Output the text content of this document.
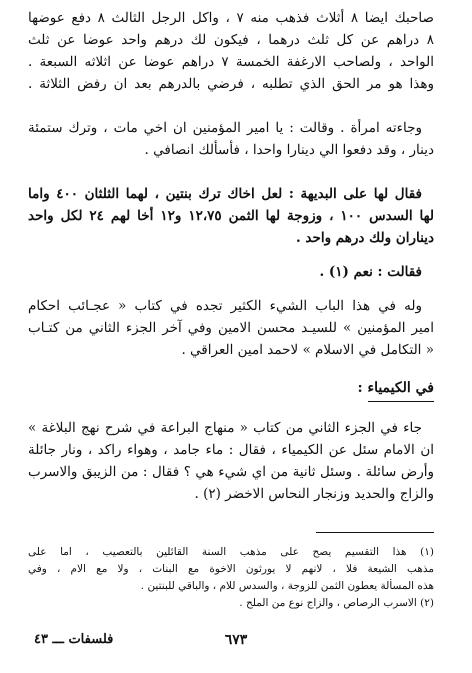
صاحبك ايضا ٨ أثلاث فذهب منه ٧ ، واكل الرجل الثالث ٨ دفع عوضها
٨ دراهم عن كل ثلث درهما ، فيكون لك درهم واحد عوضا عن ثلث
الواحد ، ولصاحب الارغفة الخمسة ٧ دراهم عوضا عن اثلاثه السبعة .
وهذا هو مر الحق الذي تطلبه ، فرضي بالدرهم بعد ان رفض الثلاثة .
وجاءته امرأة . وقالت : يا امير المؤمنين ان اخي مات ، وترك ستمئة
دينار ، وقد دفعوا الي دينارا واحدا ، فأسألك انصافي .
فقال لها على البديهة : لعل اخاك ترك بنتين ، لهما الثلثان ٤٠٠ واما
لها السدس ١٠٠ ، وزوجة لها الثمن ١٢،٧٥ و١٢ أخا لهم ٢٤ لكل واحد
ديناران ولك درهم واحد .
فقالت : نعم (١) .
وله في هذا الباب الشيء الكثير تجده في كتاب « عجـائب احكام
امير المؤمنين » للسيـد محسن الامين وفي آخر الجزء الثاني من كتـاب
« التكامل في الاسلام » لاحمد امين العراقي .
في الكيمياء :
جاء في الجزء الثاني من كتاب « منهاج البراعة في شرح نهج البلاغة »
ان الامام سئل عن الكيمياء ، فقال : ماء جامد ، وهواء راكد ، ونار جائلة
وأرض سائلة . وسئل ثانية من اي شيء هي ؟ فقال : من الزيبق والاسرب
والزاج والحديد وزنجار النحاس الاخضر (٢) .
(١) هذا التقسيم يصح على مذهب السنة القائلين بالتعصيب ، اما على
مذهب الشيعة فلا ، لانهم لا يورثون الاخوة مع البنات ، ولا مع الام ، وفي
هذه المسألة يعطون الثمن للزوجة ، والسدس للام ، والباقي للبنتين .
(٢) الاسرب الرصاص ، والزاج نوع من الملح .
٦٧٣
فلسفات ـــ ٤٣
